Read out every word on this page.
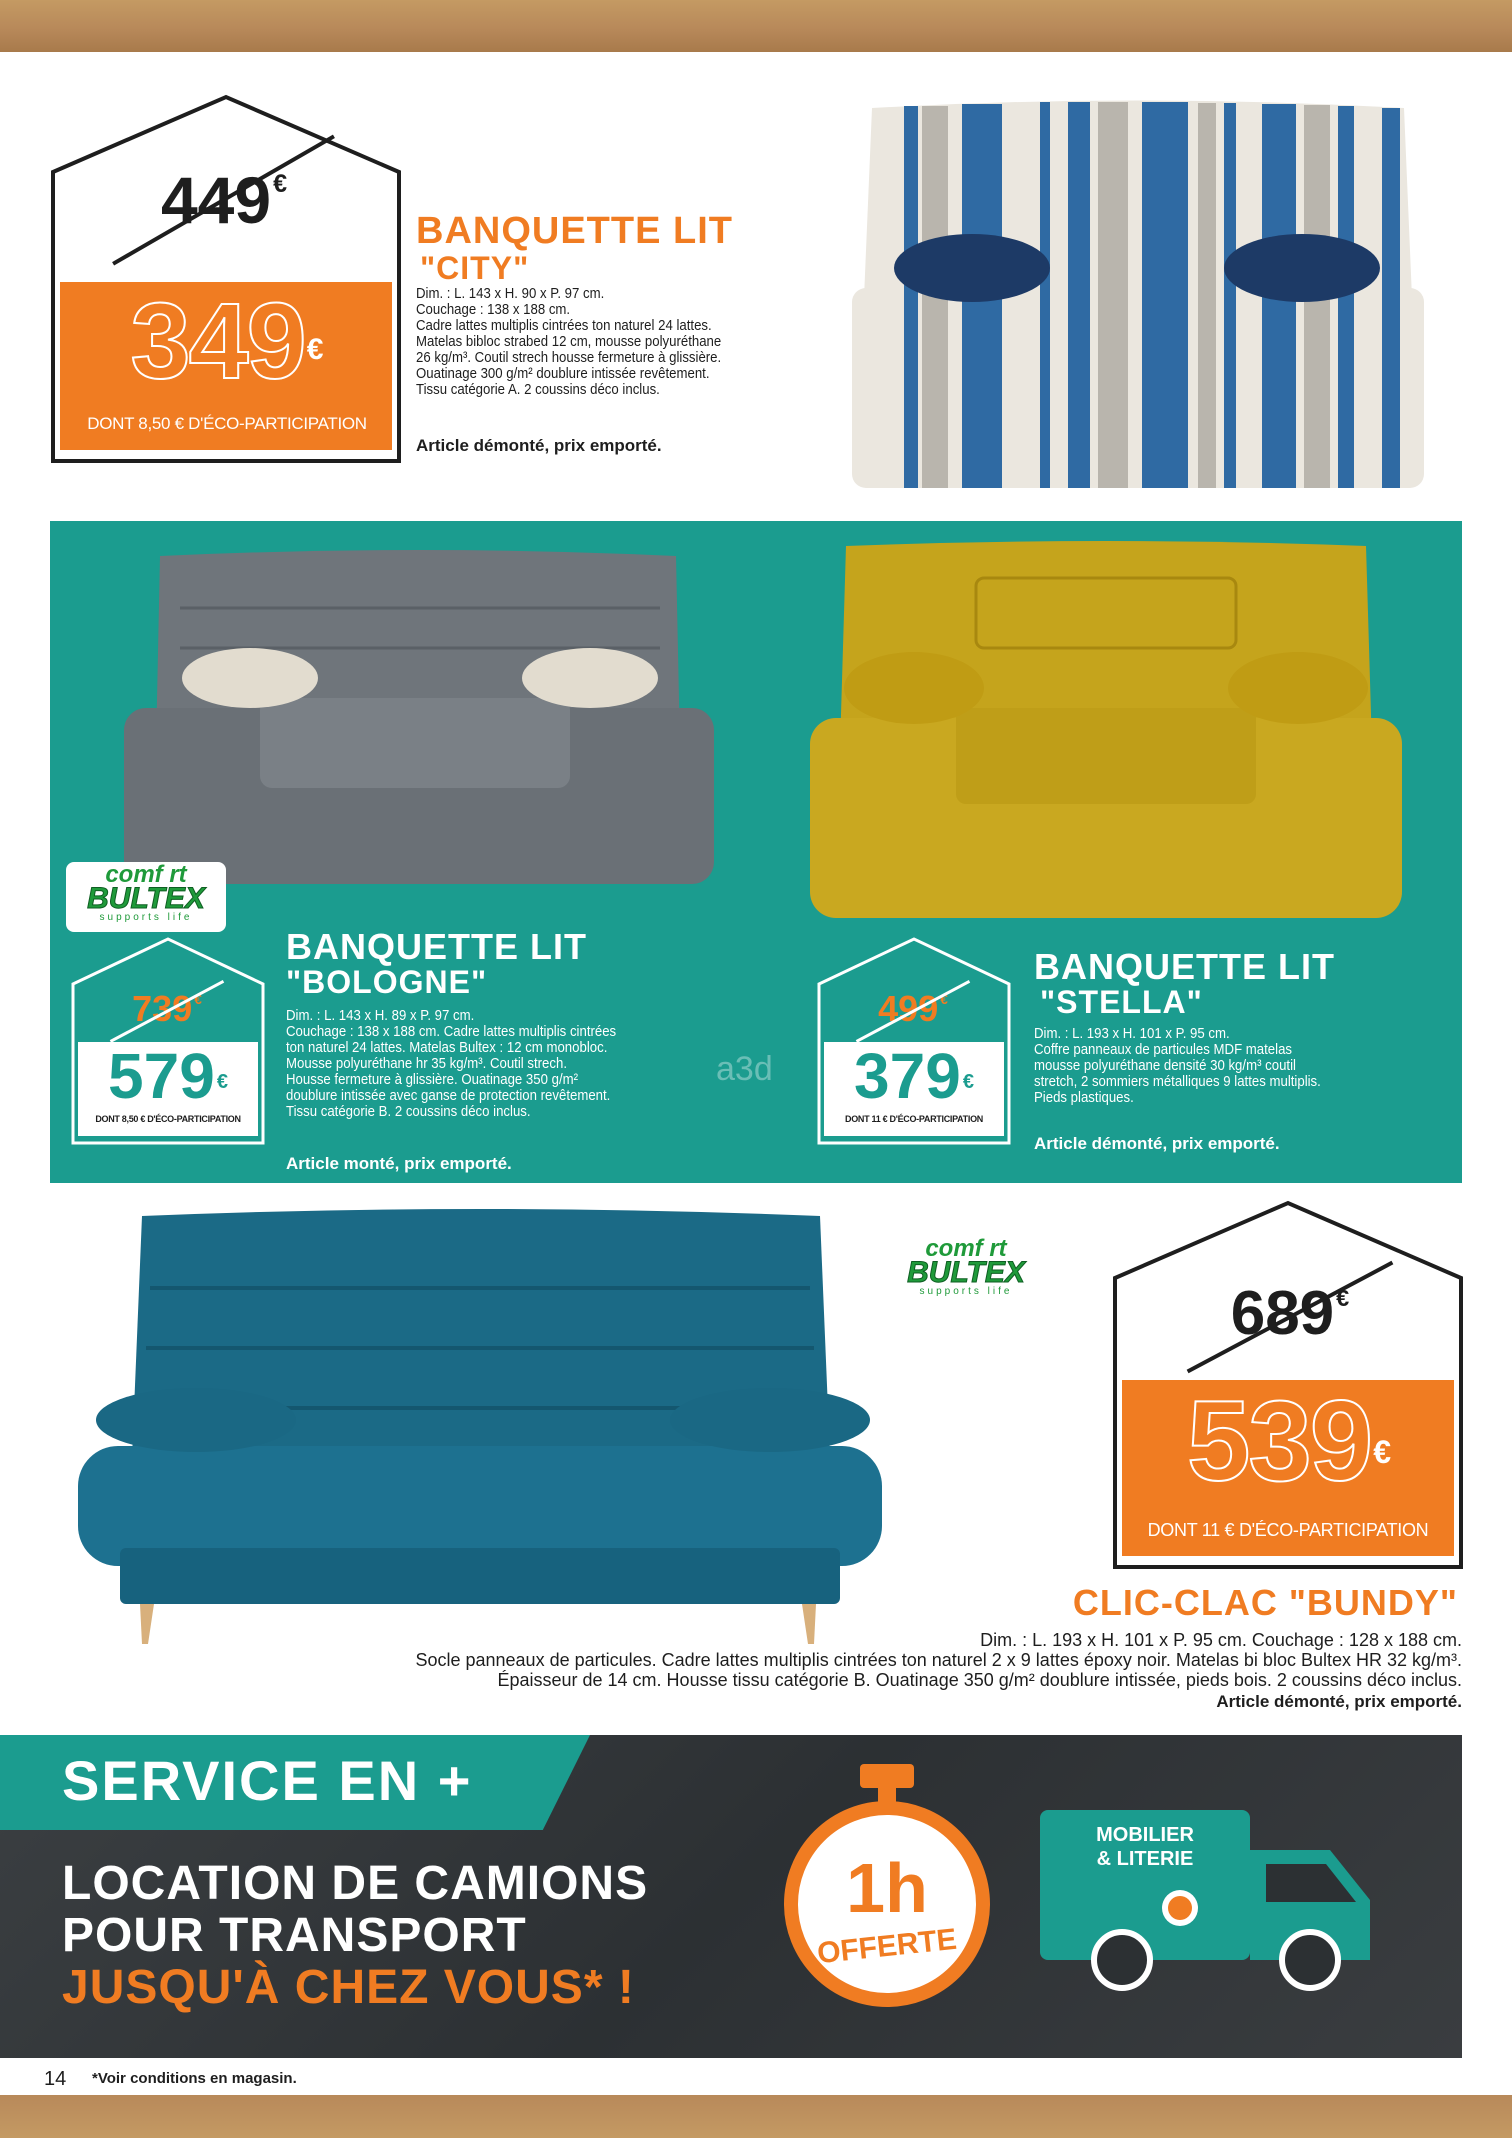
449€
349€
DONT 8,50 € D'ÉCO-PARTICIPATION
BANQUETTE LIT
"CITY"
Dim. : L. 143 x H. 90 x P. 97 cm.
Couchage : 138 x 188 cm.
Cadre lattes multiplis cintrées ton naturel 24 lattes.
Matelas bibloc strabed 12 cm, mousse polyuréthane
26 kg/m³. Coutil strech housse fermeture à glissière.
Ouatinage 300 g/m² doublure intissée revêtement.
Tissu catégorie A. 2 coussins déco inclus.
Article démonté, prix emporté.
comf rt
BULTEX
supports life
739 €
579 €
DONT 8,50 € D'ÉCO-PARTICIPATION
BANQUETTE LIT
"BOLOGNE"
Dim. : L. 143 x H. 89 x P. 97 cm.
Couchage : 138 x 188 cm. Cadre lattes multiplis cintrées
ton naturel 24 lattes. Matelas Bultex : 12 cm monobloc.
Mousse polyuréthane hr 35 kg/m³. Coutil strech.
Housse fermeture à glissière. Ouatinage 350 g/m²
doublure intissée avec ganse de protection revêtement.
Tissu catégorie B. 2 coussins déco inclus.
Article monté, prix emporté.
a3d
499 €
379 €
DONT 11 € D'ÉCO-PARTICIPATION
BANQUETTE LIT
"STELLA"
Dim. : L. 193 x H. 101 x P. 95 cm.
Coffre panneaux de particules MDF matelas
mousse polyuréthane densité 30 kg/m³ coutil
stretch, 2 sommiers métalliques 9 lattes multiplis.
Pieds plastiques.
Article démonté, prix emporté.
comf rt
BULTEX
supports life	689€
539€
DONT 11 € D'ÉCO-PARTICIPATION
CLIC-CLAC "BUNDY"
Dim. : L. 193 x H. 101 x P. 95 cm. Couchage : 128 x 188 cm.
Socle panneaux de particules. Cadre lattes multiplis cintrées ton naturel 2 x 9 lattes époxy noir. Matelas bi bloc Bultex HR 32 kg/m³.
Épaisseur de 14 cm. Housse tissu catégorie B. Ouatinage 350 g/m² doublure intissée, pieds bois. 2 coussins déco inclus.
Article démonté, prix emporté.
SERVICE EN +
LOCATION DE CAMIONS
POUR TRANSPORT
JUSQU'À CHEZ VOUS* !
1h
OFFERTE
MOBILIER
& LITERIE
14 *Voir conditions en magasin.
